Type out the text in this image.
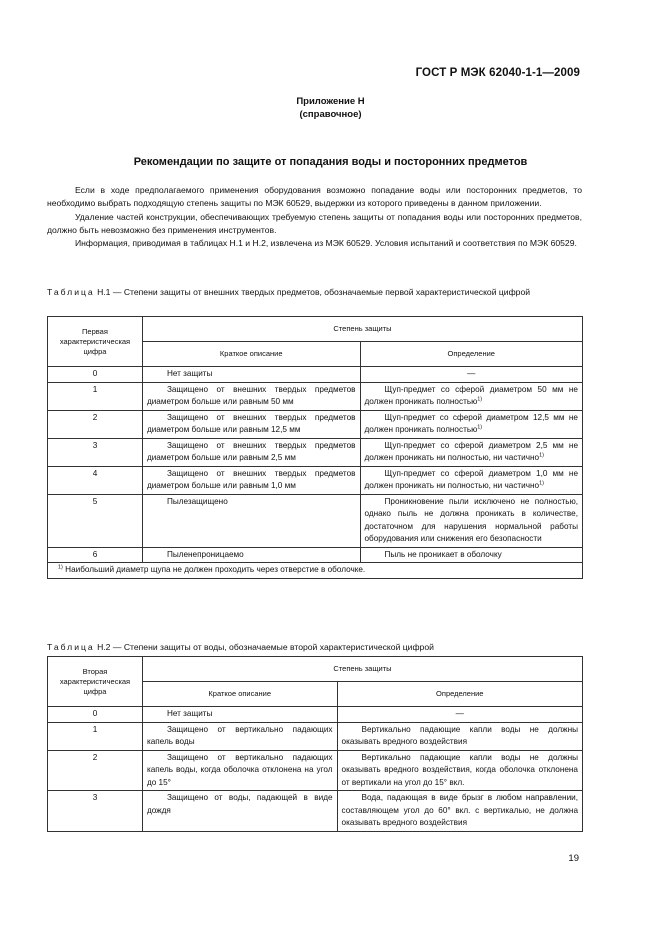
ГОСТ Р МЭК 62040-1-1—2009
Приложение Н
(справочное)
Рекомендации по защите от попадания воды и посторонних предметов

Если в ходе предполагаемого применения оборудования возможно попадание воды или посторонних предметов, то необходимо выбрать подходящую степень защиты по МЭК 60529, выдержки из которого приведены в данном приложении.

Удаление частей конструкции, обеспечивающих требуемую степень защиты от попадания воды или посторонних предметов, должно быть невозможно без применения инструментов.

Информация, приводимая в таблицах Н.1 и Н.2, извлечена из МЭК 60529. Условия испытаний и соответствия по МЭК 60529.

Таблица Н.1 — Степени защиты от внешних твердых предметов, обозначаемые первой характеристической цифрой
Первая характеристическая цифра	Степень защиты	
	Краткое описание	Определение
0	Нет защиты	—
1	Защищено от внешних твердых предметов диаметром больше или равным 50 мм	Щуп-предмет со сферой диаметром 50 мм не должен проникать полностью$^{1)}$
2	Защищено от внешних твердых предметов диаметром больше или равным 12,5 мм	Щуп-предмет со сферой диаметром 12,5 мм не должен проникать полностью$^{1)}$
3	Защищено от внешних твердых предметов диаметром больше или равным 2,5 мм	Щуп-предмет со сферой диаметром 2,5 мм не должен проникать ни полностью, ни частично$^{1)}$
4	Защищено от внешних твердых предметов диаметром больше или равным 1,0 мм	Щуп-предмет со сферой диаметром 1,0 мм не должен проникать ни полностью, ни частично$^{1)}$
5	Пылезащищено	Проникновение пыли исключено не полностью, однако пыль не должна проникать в количестве, достаточном для нарушения нормальной работы оборудования или снижения его безопасности
6	Пыленепроницаемо	Пыль не проникает в оболочку
$^{1)}$ Наибольший диаметр щупа не должен проходить через отверстие в оболочке.		
Таблица Н.2 — Степени защиты от воды, обозначаемые второй характеристической цифрой
Вторая характеристическая цифра	Степень защиты	
	Краткое описание	Определение
0	Нет защиты	—
1	Защищено от вертикально падающих капель воды	Вертикально падающие капли воды не должны оказывать вредного воздействия
2	Защищено от вертикально падающих капель воды, когда оболочка отклонена на угол до 15°	Вертикально падающие капли воды не должны оказывать вредного воздействия, когда оболочка отклонена от вертикали на угол до 15° вкл.
3	Защищено от воды, падающей в виде дождя	Вода, падающая в виде брызг в любом направлении, составляющем угол до 60° вкл. с вертикалью, не должна оказывать вредного воздействия
19
